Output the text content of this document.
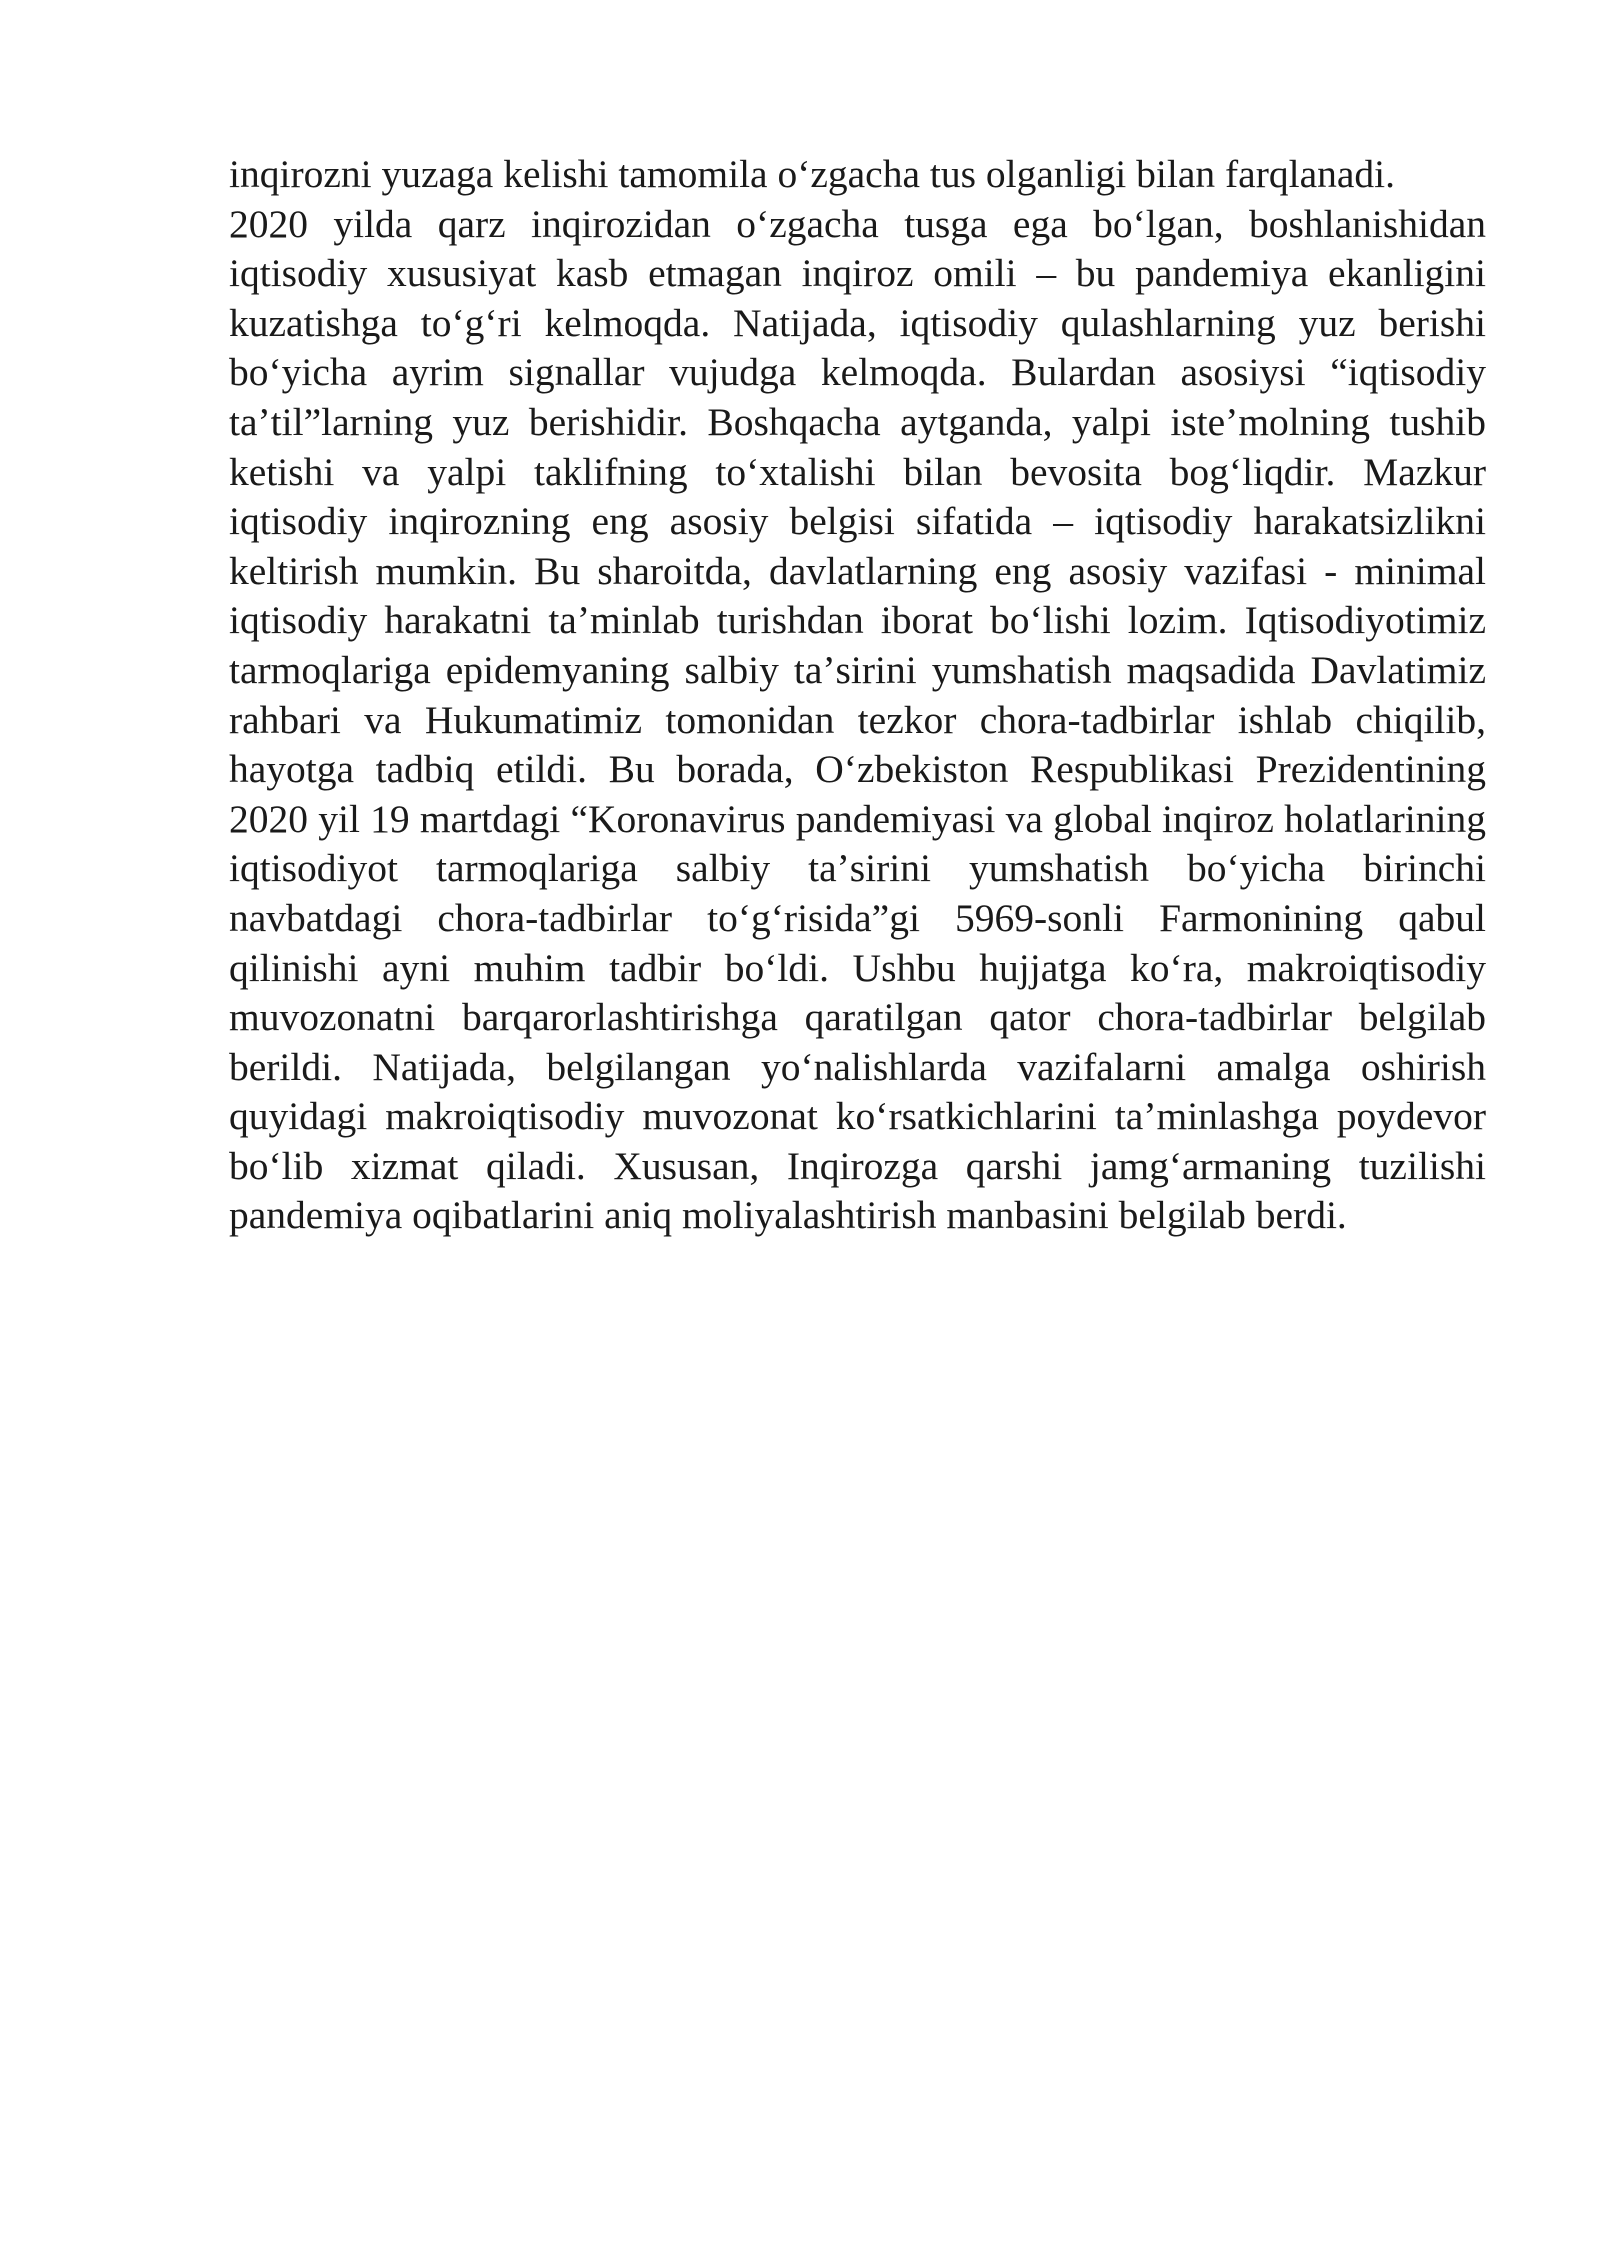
inqirozni yuzaga kelishi tamomila oʻzgacha tus olganligi bilan farqlanadi.

2020 yilda qarz inqirozidan oʻzgacha tusga ega boʻlgan, boshlanishidan iqtisodiy xususiyat kasb etmagan inqiroz omili – bu pandemiya ekanligini kuzatishga toʻgʻri kelmoqda. Natijada, iqtisodiy qulashlarning yuz berishi boʻyicha ayrim signallar vujudga kelmoqda. Bulardan asosiysi “iqtisodiy taʼtil”larning yuz berishidir. Boshqacha aytganda, yalpi isteʼmolning tushib ketishi va yalpi taklifning toʻxtalishi bilan bevosita bogʻliqdir. Mazkur iqtisodiy inqirozning eng asosiy belgisi sifatida – iqtisodiy harakatsizlikni keltirish mumkin. Bu sharoitda, davlatlarning eng asosiy vazifasi - minimal iqtisodiy harakatni taʼminlab turishdan iborat boʻlishi lozim. Iqtisodiyotimiz tarmoqlariga epidemyaning salbiy taʼsirini yumshatish maqsadida Davlatimiz rahbari va Hukumatimiz tomonidan tezkor chora-tadbirlar ishlab chiqilib, hayotga tadbiq etildi. Bu borada, Oʻzbekiston Respublikasi Prezidentining 2020 yil 19 martdagi “Koronavirus pandemiyasi va global inqiroz holatlarining iqtisodiyot tarmoqlariga salbiy taʼsirini yumshatish boʻyicha birinchi navbatdagi chora-tadbirlar toʻgʻrisida”gi 5969-sonli Farmonining qabul qilinishi ayni muhim tadbir boʻldi. Ushbu hujjatga koʻra, makroiqtisodiy muvozonatni barqarorlashtirishga qaratilgan qator chora-tadbirlar belgilab berildi. Natijada, belgilangan yoʻnalishlarda vazifalarni amalga oshirish quyidagi makroiqtisodiy muvozonat koʻrsatkichlarini taʼminlashga poydevor boʻlib xizmat qiladi. Xususan, Inqirozga qarshi jamgʻarmaning tuzilishi pandemiya oqibatlarini aniq moliyalashtirish manbasini belgilab berdi.
